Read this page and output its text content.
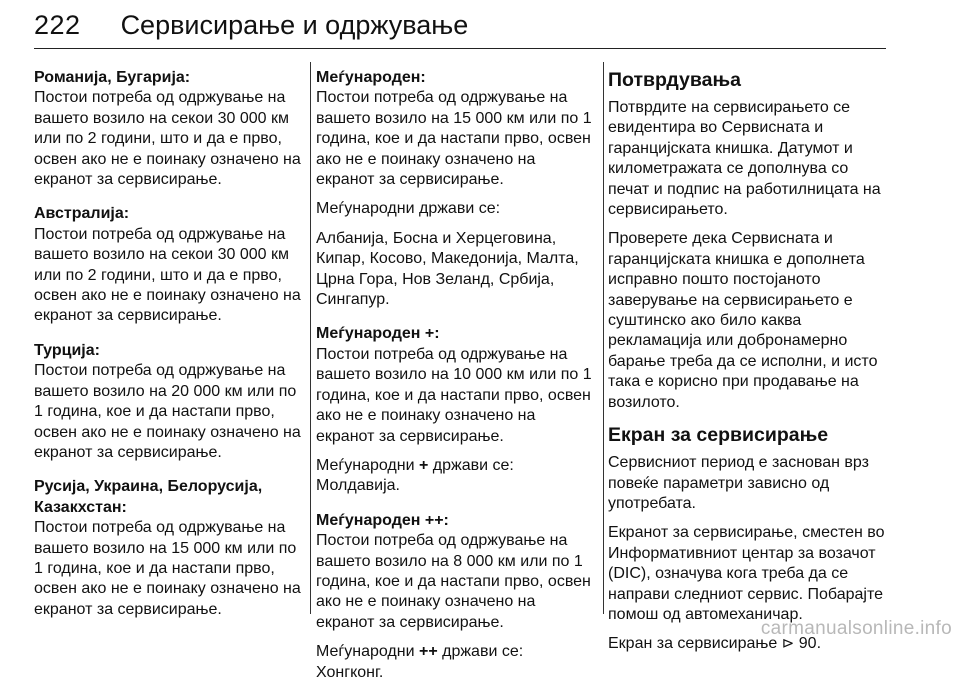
222 Сервисирање и одржување

Романија, Бугарија:

Постои потреба од одржување на вашето возило на секои 30 000 км или по 2 години, што и да е прво, освен ако не е поинаку означено на екранот за сервисирање.

Австралија:

Постои потреба од одржување на вашето возило на секои 30 000 км или по 2 години, што и да е прво, освен ако не е поинаку означено на екранот за сервисирање.

Турција:

Постои потреба од одржување на вашето возило на 20 000 км или по 1 година, кое и да настапи прво, освен ако не е поинаку означено на екранот за сервисирање.

Русија, Украина, Белорусија, Казакхстан:

Постои потреба од одржување на вашето возило на 15 000 км или по 1 година, кое и да настапи прво, освен ако не е поинаку означено на екранот за сервисирање.

Меѓународен:

Постои потреба од одржување на вашето возило на 15 000 км или по 1 година, кое и да настапи прво, освен ако не е поинаку означено на екранот за сервисирање.

Меѓународни држави се:

Албанија, Босна и Херцеговина, Кипар, Косово, Македонија, Малта, Црна Гора, Нов Зеланд, Србија, Сингапур.

Меѓународен +:

Постои потреба од одржување на вашето возило на 10 000 км или по 1 година, кое и да настапи прво, освен ако не е поинаку означено на екранот за сервисирање.

Меѓународни + држави се:

Молдавија.

Меѓународен ++:

Постои потреба од одржување на вашето возило на 8 000 км или по 1 година, кое и да настапи прво, освен ако не е поинаку означено на екранот за сервисирање.

Меѓународни ++ држави се:

Хонгконг.

Потврдувања

Потврдите на сервисирањето се евидентира во Сервисната и гаранцијската книшка. Датумот и километражата се дополнува со печат и подпис на работилницата на сервисирањето.

Проверете дека Сервисната и гаранцијската книшка е дополнета исправно пошто постојаното заверување на сервисирањето е суштинско ако било каква рекламација или добронамерно барање треба да се исполни, и исто така е корисно при продавање на возилото.

Екран за сервисирање

Сервисниот период е заснован врз повеќе параметри зависно од употребата.

Екранот за сервисирање, сместен во Информативниот центар за возачот (DIC), означува кога треба да се направи следниот сервис. Побарајте помош од автомеханичар.

Екран за сервисирање ⊳ 90.

carmanualsonline.info
